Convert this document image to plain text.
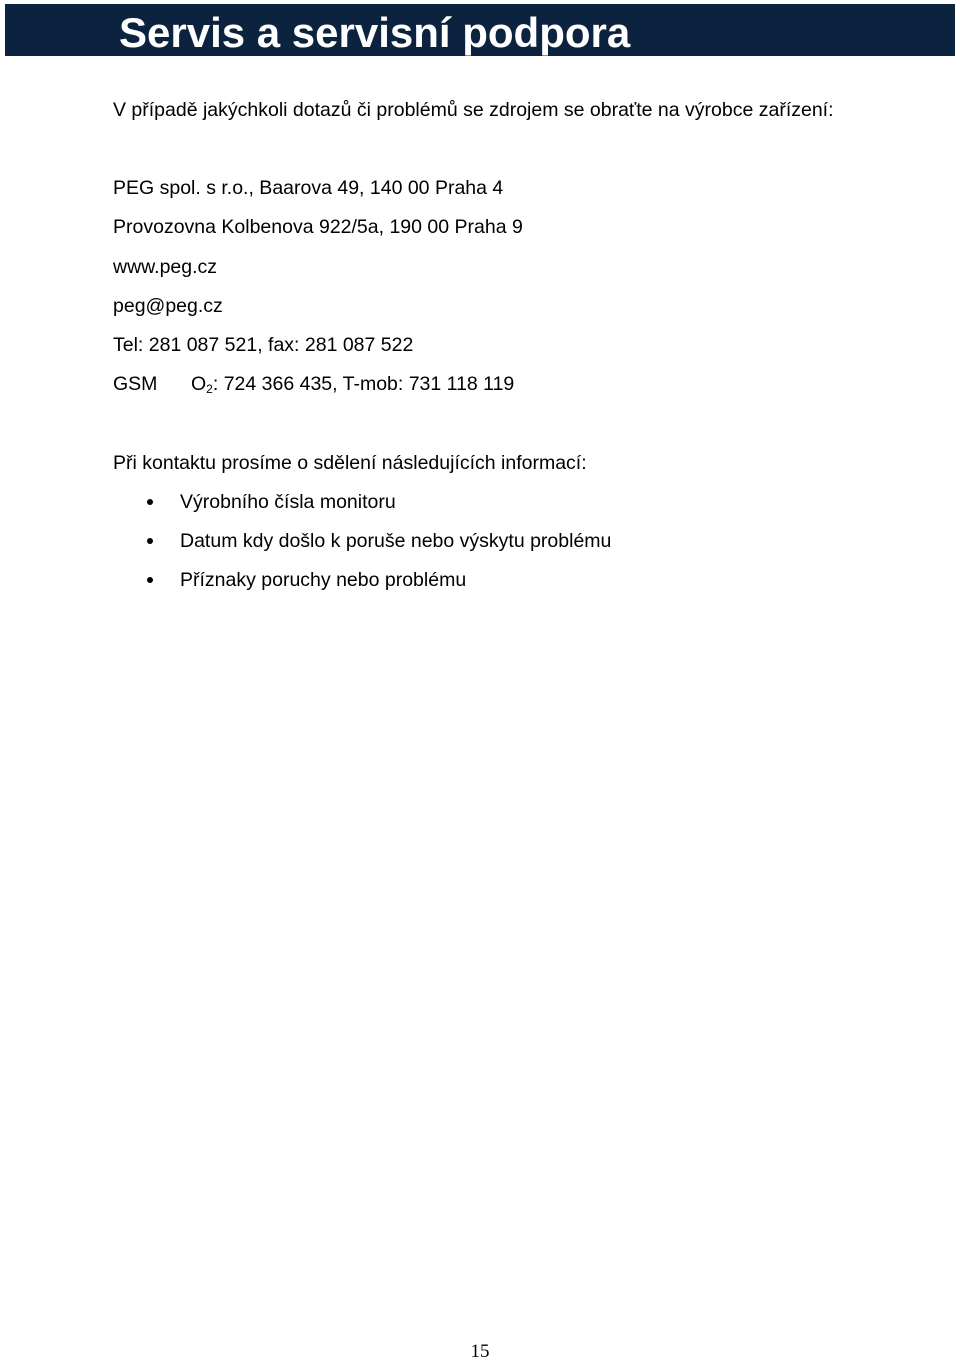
Servis a servisní podpora

V případě jakýchkoli dotazů či problémů se zdrojem se obraťte na výrobce zařízení:

PEG spol. s r.o., Baarova 49, 140 00 Praha 4

Provozovna Kolbenova 922/5a, 190 00 Praha 9

www.peg.cz

peg@peg.cz

Tel: 281 087 521, fax: 281 087 522

GSM $O_2$: 724 366 435, T-mob: 731 118 119

Při kontaktu prosíme o sdělení následujících informací:

Výrobního čísla monitoru
Datum kdy došlo k poruše nebo výskytu problému
Příznaky poruchy nebo problému
15
